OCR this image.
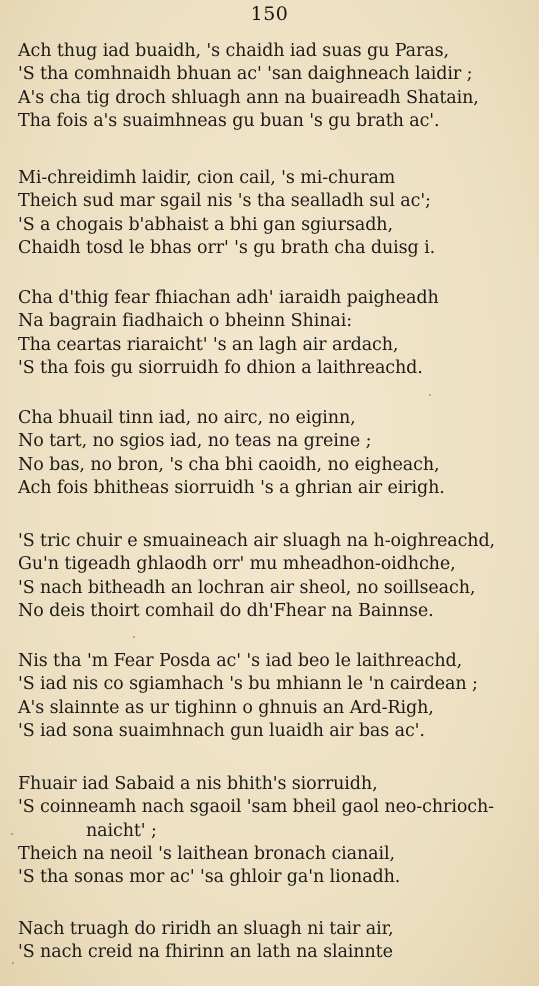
150
Ach thug iad buaidh, 's chaidh iad suas gu Paras,
'S tha comhnaidh bhuan ac' 'san daighneach laidir ;
A's cha tig droch shluagh ann na buaireadh Shatain,
Tha fois a's suaimhneas gu buan 's gu brath ac'.
Mi-chreidimh laidir, cion cail, 's mi-churam
Theich sud mar sgail nis 's tha sealladh sul ac';
'S a chogais b'abhaist a bhi gan sgiursadh,
Chaidh tosd le bhas orr' 's gu brath cha duisg i.
Cha d'thig fear fhiachan adh' iaraidh paigheadh
Na bagrain fiadhaich o bheinn Shinai:
Tha ceartas riaraicht' 's an lagh air ardach,
'S tha fois gu siorruidh fo dhion a laithreachd.
Cha bhuail tinn iad, no airc, no eiginn,
No tart, no sgios iad, no teas na greine ;
No bas, no bron, 's cha bhi caoidh, no eigheach,
Ach fois bhitheas siorruidh 's a ghrian air eirigh.
'S tric chuir e smuaineach air sluagh na h-oighreachd,
Gu'n tigeadh ghlaodh orr' mu mheadhon-oidhche,
'S nach bitheadh an lochran air sheol, no soillseach,
No deis thoirt comhail do dh'Fhear na Bainnse.
Nis tha 'm Fear Posda ac' 's iad beo le laithreachd,
'S iad nis co sgiamhach 's bu mhiann le 'n cairdean ;
A's slainnte as ur tighinn o ghnuis an Ard-Righ,
'S iad sona suaimhnach gun luaidh air bas ac'.
Fhuair iad Sabaid a nis bhith's siorruidh,
'S coinneamh nach sgaoil 'sam bheil gaol neo-chrioch-
naicht' ;
Theich na neoil 's laithean bronach cianail,
'S tha sonas mor ac' 'sa ghloir ga'n lionadh.
Nach truagh do riridh an sluagh ni tair air,
'S nach creid na fhirinn an lath na slainnte
